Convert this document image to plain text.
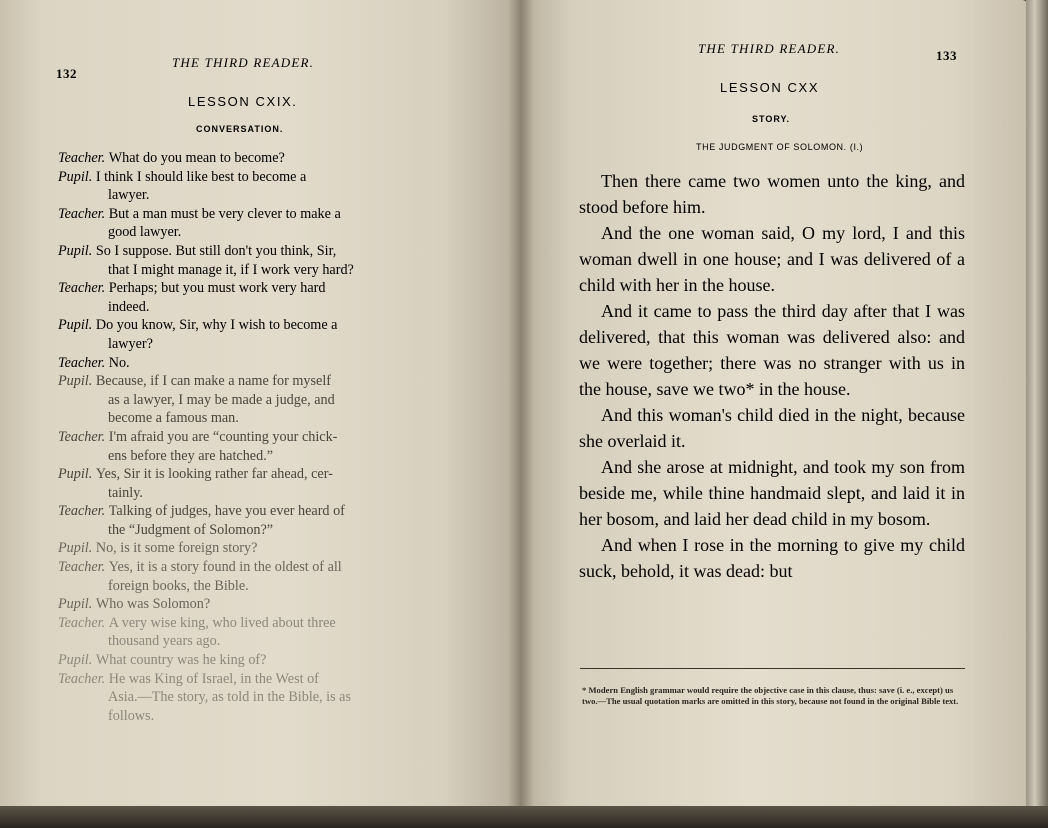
132
THE THIRD READER.
LESSON CXIX.
CONVERSATION.
Teacher. What do you mean to become?
Pupil. I think I should like best to become a
lawyer.
Teacher. But a man must be very clever to make a
good lawyer.
Pupil. So I suppose. But still don't you think, Sir,
that I might manage it, if I work very hard?
Teacher. Perhaps; but you must work very hard
indeed.
Pupil. Do you know, Sir, why I wish to become a
lawyer?
Teacher. No.
Pupil. Because, if I can make a name for myself
as a lawyer, I may be made a judge, and
become a famous man.
Teacher. I'm afraid you are “counting your chick-
ens before they are hatched.”
Pupil. Yes, Sir it is looking rather far ahead, cer-
tainly.
Teacher. Talking of judges, have you ever heard of
the “Judgment of Solomon?”
Pupil. No, is it some foreign story?
Teacher. Yes, it is a story found in the oldest of all
foreign books, the Bible.
Pupil. Who was Solomon?
Teacher. A very wise king, who lived about three
thousand years ago.
Pupil. What country was he king of?
Teacher. He was King of Israel, in the West of
Asia.—The story, as told in the Bible, is as
follows.
THE THIRD READER.	133
LESSON CXX
STORY.
THE JUDGMENT OF SOLOMON. (I.)

Then there came two women unto the king, and stood before him.

And the one woman said, O my lord, I and this woman dwell in one house; and I was delivered of a child with her in the house.

And it came to pass the third day after that I was delivered, that this woman was delivered also: and we were together; there was no stranger with us in the house, save we two* in the house.

And this woman's child died in the night, because she overlaid it.

And she arose at midnight, and took my son from beside me, while thine handmaid slept, and laid it in her bosom, and laid her dead child in my bosom.

And when I rose in the morning to give my child suck, behold, it was dead: but

* Modern English grammar would require the objective case in this clause, thus: save (i. e., except) us two.—The usual quotation marks are omitted in this story, because not found in the original Bible text.
